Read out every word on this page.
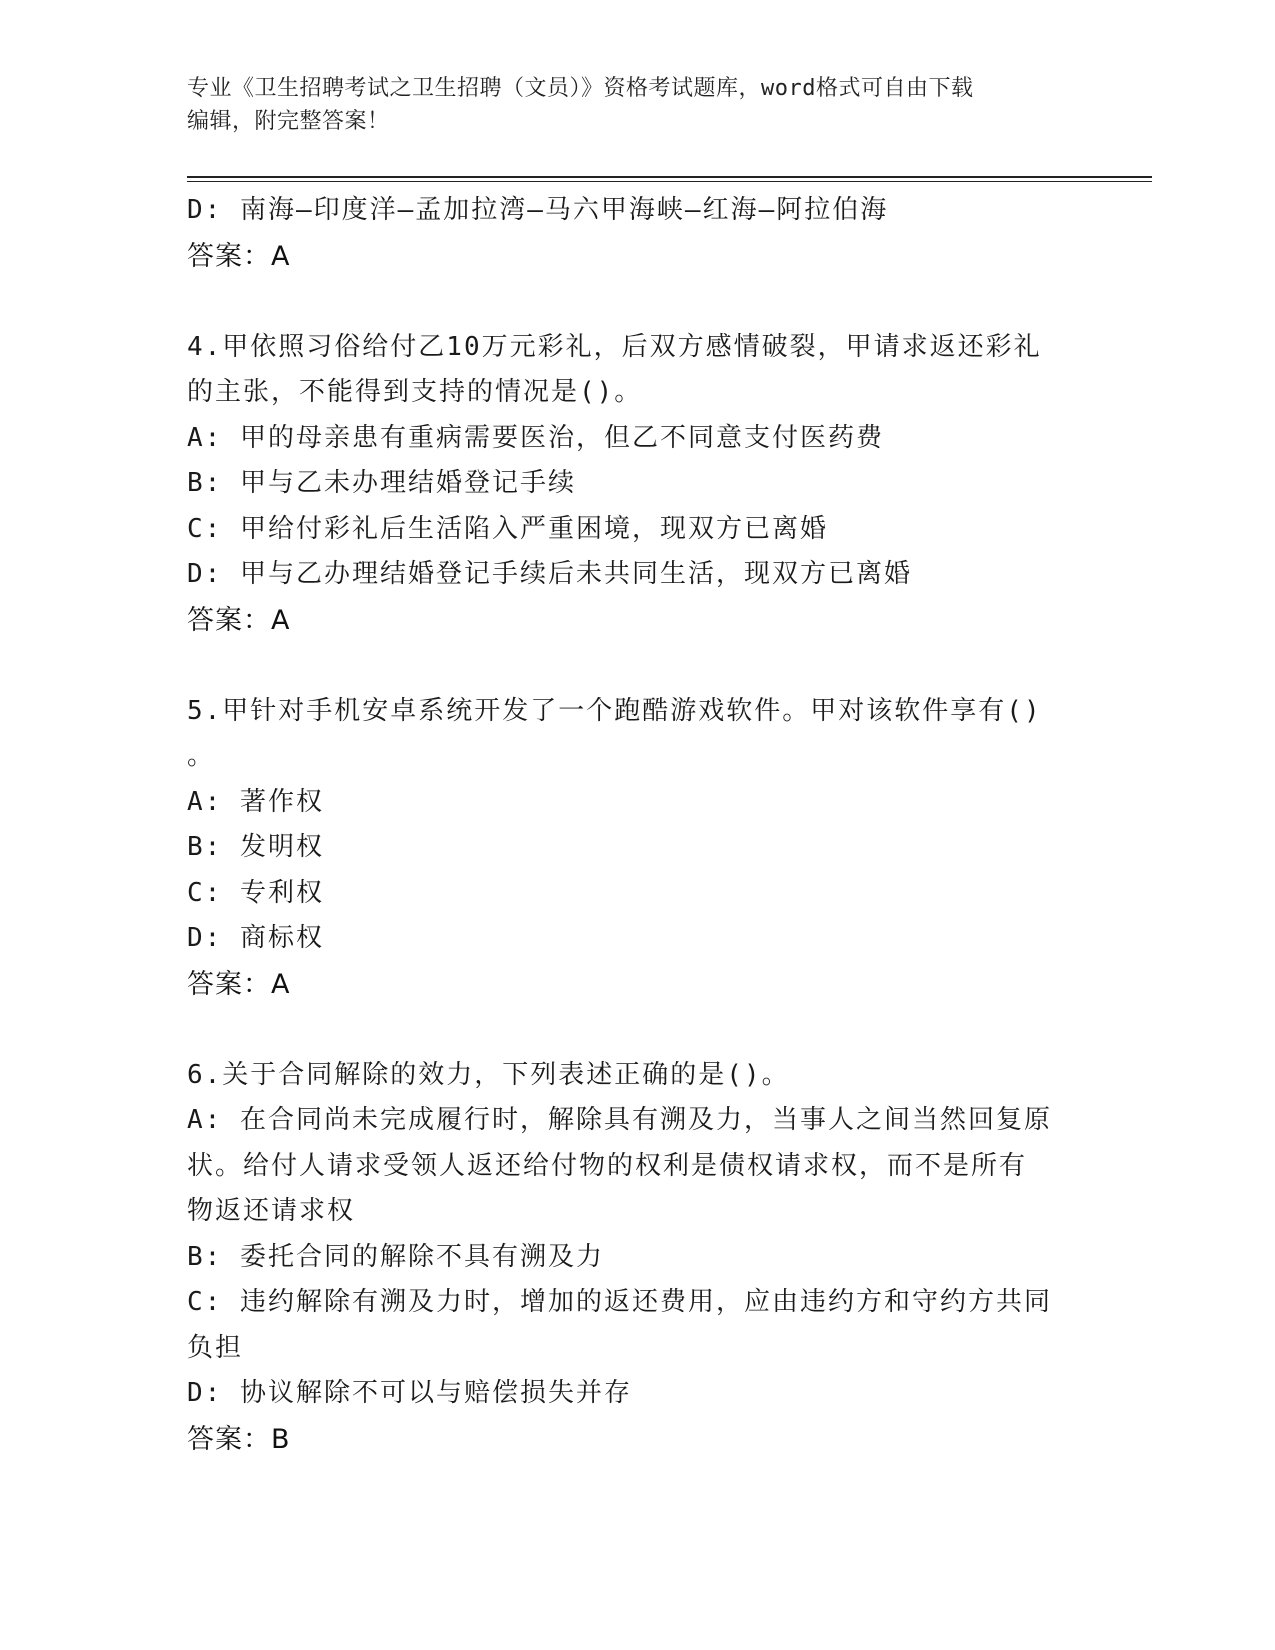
专业《卫生招聘考试之卫生招聘（文员）》资格考试题库，word格式可自由下载
编辑，附完整答案！
D: 南海—印度洋—孟加拉湾—马六甲海峡—红海—阿拉伯海
答案：A
4.甲依照习俗给付乙10万元彩礼，后双方感情破裂，甲请求返还彩礼
的主张，不能得到支持的情况是()。
A: 甲的母亲患有重病需要医治，但乙不同意支付医药费
B: 甲与乙未办理结婚登记手续
C: 甲给付彩礼后生活陷入严重困境，现双方已离婚
D: 甲与乙办理结婚登记手续后未共同生活，现双方已离婚
答案：A
5.甲针对手机安卓系统开发了一个跑酷游戏软件。甲对该软件享有()
。
A: 著作权
B: 发明权
C: 专利权
D: 商标权
答案：A
6.关于合同解除的效力，下列表述正确的是()。
A: 在合同尚未完成履行时，解除具有溯及力，当事人之间当然回复原
状。给付人请求受领人返还给付物的权利是债权请求权，而不是所有
物返还请求权
B: 委托合同的解除不具有溯及力
C: 违约解除有溯及力时，增加的返还费用，应由违约方和守约方共同
负担
D: 协议解除不可以与赔偿损失并存
答案：B
